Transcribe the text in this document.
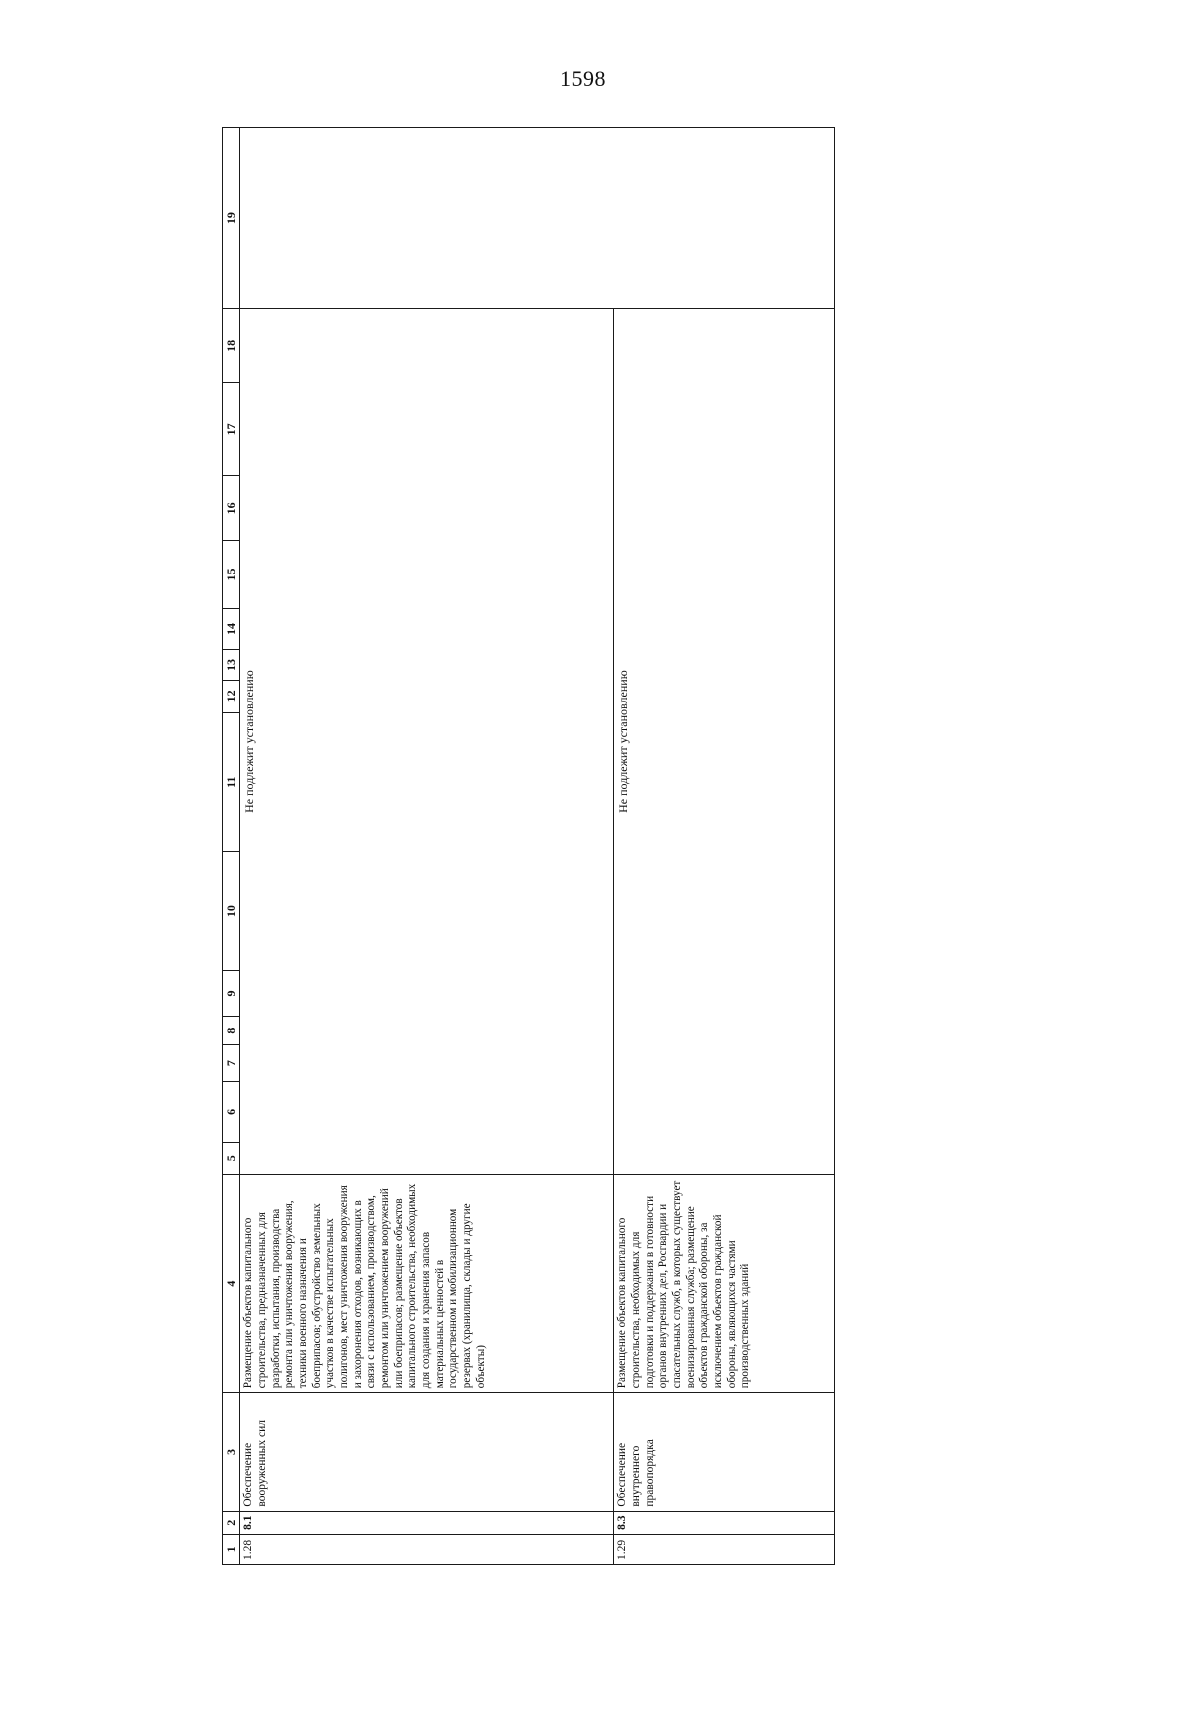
1598
1	2	3	4	5	6	7	8	9	10	11	12	13	14	15	16	17	18	19
1.28	8.1	Обеспечение вооруженных сил	Размещение объектов капитального строительства, предназначенных для разработки, испытания, производства ремонта или уничтожения вооружения, техники военного назначения и боеприпасов; обустройство земельных участков в качестве испытательных полигонов, мест уничтожения вооружения и захоронения отходов, возникающих в связи с использованием, производством, ремонтом или уничтожением вооружений или боеприпасов; размещение объектов капитального строительства, необходимых для создания и хранения запасов материальных ценностей в государственном и мобилизационном резервах (хранилища, склады и другие объекты)	Не подлежит установлению														
1.29	8.3	Обеспечение внутреннего правопорядка	Размещение объектов капитального строительства, необходимых для подготовки и поддержания в готовности органов внутренних дел, Росгвардии и спасательных служб, в которых существует военизированная служба; размещение объектов гражданской обороны, за исключением объектов гражданской обороны, являющихся частями производственных зданий	Не подлежит установлению														
